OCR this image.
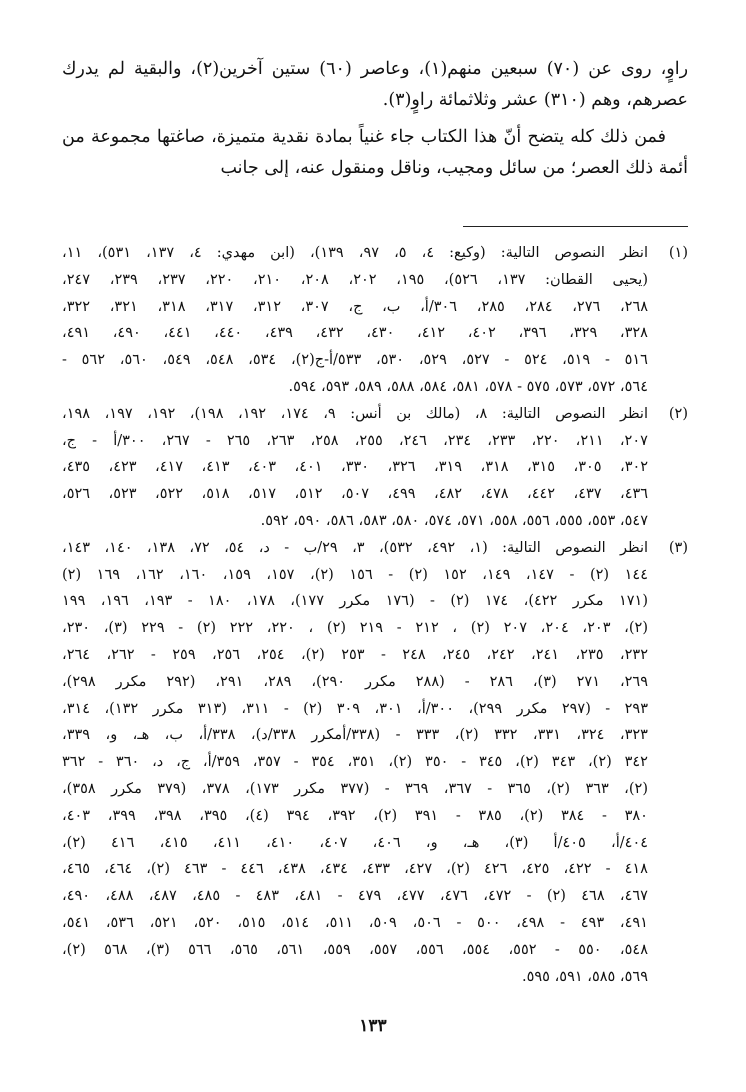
راوٍ، روى عن (٧٠) سبعين منهم(١)، وعاصر (٦٠) ستين آخرين(٢)، والبقية لم يدرك عصرهم، وهم (٣١٠) عشر وثلاثمائة راوٍ(٣).

فمن ذلك كله يتضح أنّ هذا الكتاب جاء غنياً بمادة نقدية متميزة، صاغتها مجموعة من أئمة ذلك العصر؛ من سائل ومجيب، وناقل ومنقول عنه، إلى جانب

(١)
انظر النصوص التالية: (وكيع: ٤، ٥، ٩٧، ١٣٩)، (ابن مهدي: ٤، ١٣٧، ٥٣١)، ١١،
(يحيى القطان: ١٣٧، ٥٢٦)، ١٩٥، ٢٠٢، ٢٠٨، ٢١٠، ٢٢٠، ٢٣٧، ٢٣٩، ٢٤٧،
٢٦٨، ٢٧٦، ٢٨٤، ٢٨٥، ٣٠٦/أ، ب، ج، ٣٠٧، ٣١٢، ٣١٧، ٣١٨، ٣٢١، ٣٢٢،
٣٢٨، ٣٢٩، ٣٩٦، ٤٠٢، ٤١٢، ٤٣٠، ٤٣٢، ٤٣٩، ٤٤٠، ٤٤١، ٤٩٠، ٤٩١،
٥١٦ - ٥١٩، ٥٢٤ - ٥٢٧، ٥٢٩، ٥٣٠، ٥٣٣/أ-ج(٢)، ٥٣٤، ٥٤٨، ٥٤٩، ٥٦٠، ٥٦٢ -
٥٦٤، ٥٧٢، ٥٧٣، ٥٧٥ - ٥٧٨، ٥٨١، ٥٨٤، ٥٨٨، ٥٨٩، ٥٩٣، ٥٩٤.
(٢)
انظر النصوص التالية: ٨، (مالك بن أنس: ٩، ١٧٤، ١٩٢، ١٩٨)، ١٩٢، ١٩٧، ١٩٨،
٢٠٧، ٢١١، ٢٢٠، ٢٣٣، ٢٣٤، ٢٤٦، ٢٥٥، ٢٥٨، ٢٦٣، ٢٦٥ - ٢٦٧، ٣٠٠/أ - ج،
٣٠٢، ٣٠٥، ٣١٥، ٣١٨، ٣١٩، ٣٢٦، ٣٣٠، ٤٠١، ٤٠٣، ٤١٣، ٤١٧، ٤٢٣، ٤٣٥،
٤٣٦، ٤٣٧، ٤٤٢، ٤٧٨، ٤٨٢، ٤٩٩، ٥٠٧، ٥١٢، ٥١٧، ٥١٨، ٥٢٢، ٥٢٣، ٥٢٦،
٥٤٧، ٥٥٣، ٥٥٥، ٥٥٦، ٥٥٨، ٥٧١، ٥٧٤، ٥٨٠، ٥٨٣، ٥٨٦، ٥٩٠، ٥٩٢.
(٣)
انظر النصوص التالية: (١، ٤٩٢، ٥٣٢)، ٣، ٢٩/ب - د، ٥٤، ٧٢، ١٣٨، ١٤٠، ١٤٣،
١٤٤ (٢) - ١٤٧، ١٤٩، ١٥٢ (٢) - ١٥٦ (٢)، ١٥٧، ١٥٩، ١٦٠، ١٦٢، ١٦٩ (٢)
(١٧١ مكرر ٤٢٢)، ١٧٤ (٢) - (١٧٦ مكرر ١٧٧)، ١٧٨، ١٨٠ - ١٩٣، ١٩٦، ١٩٩
(٢)، ٢٠٣، ٢٠٤، ٢٠٧ (٢) ، ٢١٢ - ٢١٩ (٢) ، ٢٢٠، ٢٢٢ (٢) - ٢٢٩ (٣)، ٢٣٠،
٢٣٢، ٢٣٥، ٢٤١، ٢٤٢، ٢٤٥، ٢٤٨ - ٢٥٣ (٢)، ٢٥٤، ٢٥٦، ٢٥٩ - ٢٦٢، ٢٦٤،
٢٦٩، ٢٧١ (٣)، ٢٨٦ - (٢٨٨ مكرر ٢٩٠)، ٢٨٩، ٢٩١، (٢٩٢ مكرر ٢٩٨)،
٢٩٣ - (٢٩٧ مكرر ٢٩٩)، ٣٠٠/أ، ٣٠١، ٣٠٩ (٢) - ٣١١، (٣١٣ مكرر ١٣٢)، ٣١٤،
٣٢٣، ٣٢٤، ٣٣١، ٣٣٢ (٢)، ٣٣٣ - (٣٣٨/أمكرر ٣٣٨/د)، ٣٣٨/أ، ب، هـ، و، ٣٣٩،
٣٤٢ (٢)، ٣٤٣ (٢)، ٣٤٥ - ٣٥٠ (٢)، ٣٥١، ٣٥٤ - ٣٥٧، ٣٥٩/أ، ج، د، ٣٦٠ - ٣٦٢
(٢)، ٣٦٣ (٢)، ٣٦٥ - ٣٦٧، ٣٦٩ - (٣٧٧ مكرر ١٧٣)، ٣٧٨، (٣٧٩ مكرر ٣٥٨)،
٣٨٠ - ٣٨٤ (٢)، ٣٨٥ - ٣٩١ (٢)، ٣٩٢، ٣٩٤ (٤)، ٣٩٥، ٣٩٨، ٣٩٩، ٤٠٣،
٤٠٤/أ، ٤٠٥/أ (٣)، هـ، و، ٤٠٦، ٤٠٧، ٤١٠، ٤١١، ٤١٥، ٤١٦ (٢)،
٤١٨ - ٤٢٢، ٤٢٥، ٤٢٦ (٢)، ٤٢٧، ٤٣٣، ٤٣٤، ٤٣٨، ٤٤٦ - ٤٦٣ (٢)، ٤٦٤، ٤٦٥،
٤٦٧، ٤٦٨ (٢) - ٤٧٢، ٤٧٦، ٤٧٧، ٤٧٩ - ٤٨١، ٤٨٣ - ٤٨٥، ٤٨٧، ٤٨٨، ٤٩٠،
٤٩١، ٤٩٣ - ٤٩٨، ٥٠٠ - ٥٠٦، ٥٠٩، ٥١١، ٥١٤، ٥١٥، ٥٢٠، ٥٢١، ٥٣٦، ٥٤١،
٥٤٨، ٥٥٠ - ٥٥٢، ٥٥٤، ٥٥٦، ٥٥٧، ٥٥٩، ٥٦١، ٥٦٥، ٥٦٦ (٣)، ٥٦٨ (٢)،
٥٦٩، ٥٨٥، ٥٩١، ٥٩٥.
١٣٣
